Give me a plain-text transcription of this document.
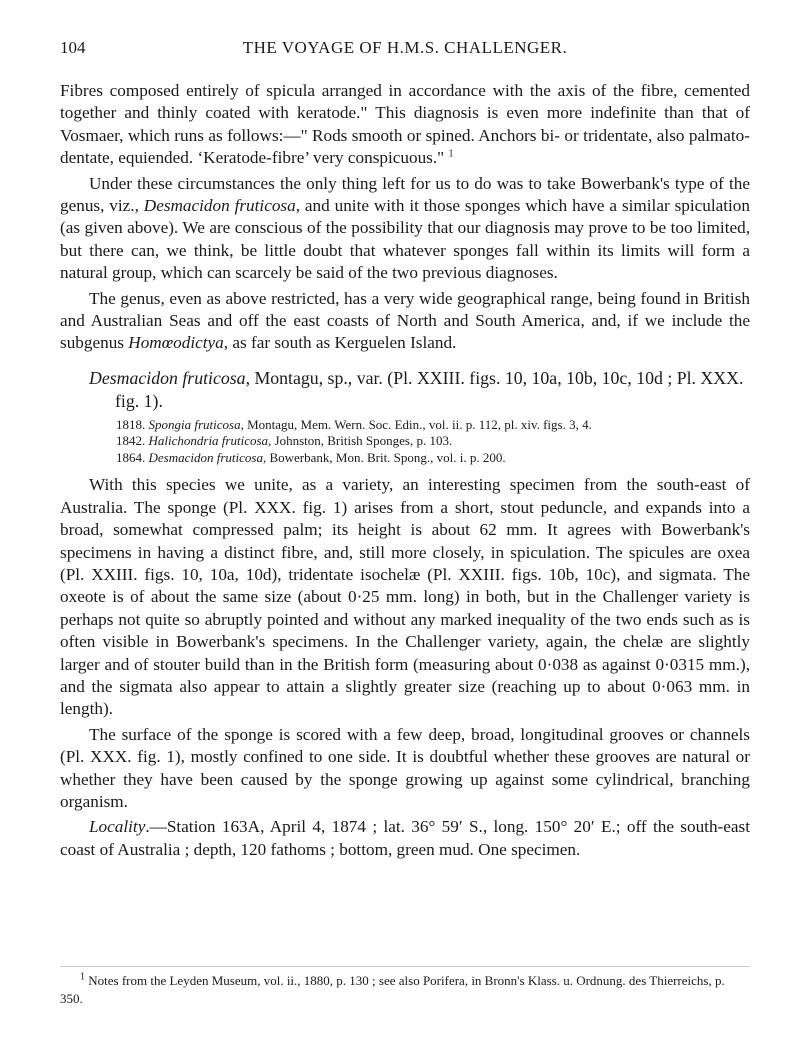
104	THE VOYAGE OF H.M.S. CHALLENGER.

Fibres composed entirely of spicula arranged in accordance with the axis of the fibre, cemented together and thinly coated with keratode." This diagnosis is even more indefinite than that of Vosmaer, which runs as follows:—" Rods smooth or spined. Anchors bi- or tridentate, also palmato-dentate, equiended. ‘Keratode-fibre’ very conspicuous." $^1$

Under these circumstances the only thing left for us to do was to take Bowerbank's type of the genus, viz., Desmacidon fruticosa, and unite with it those sponges which have a similar spiculation (as given above). We are conscious of the possibility that our diagnosis may prove to be too limited, but there can, we think, be little doubt that whatever sponges fall within its limits will form a natural group, which can scarcely be said of the two previous diagnoses.

The genus, even as above restricted, has a very wide geographical range, being found in British and Australian Seas and off the east coasts of North and South America, and, if we include the subgenus Homœodictya, as far south as Kerguelen Island.

Desmacidon fruticosa, Montagu, sp., var. (Pl. XXIII. figs. 10, 10a, 10b, 10c, 10d ; Pl. XXX. fig. 1).

1818. Spongia fruticosa, Montagu, Mem. Wern. Soc. Edin., vol. ii. p. 112, pl. xiv. figs. 3, 4.
1842. Halichondria fruticosa, Johnston, British Sponges, p. 103.
1864. Desmacidon fruticosa, Bowerbank, Mon. Brit. Spong., vol. i. p. 200.

With this species we unite, as a variety, an interesting specimen from the south-east of Australia. The sponge (Pl. XXX. fig. 1) arises from a short, stout peduncle, and expands into a broad, somewhat compressed palm; its height is about 62 mm. It agrees with Bowerbank's specimens in having a distinct fibre, and, still more closely, in spiculation. The spicules are oxea (Pl. XXIII. figs. 10, 10a, 10d), tridentate isochelæ (Pl. XXIII. figs. 10b, 10c), and sigmata. The oxeote is of about the same size (about 0·25 mm. long) in both, but in the Challenger variety is perhaps not quite so abruptly pointed and without any marked inequality of the two ends such as is often visible in Bowerbank's specimens. In the Challenger variety, again, the chelæ are slightly larger and of stouter build than in the British form (measuring about 0·038 as against 0·0315 mm.), and the sigmata also appear to attain a slightly greater size (reaching up to about 0·063 mm. in length).

The surface of the sponge is scored with a few deep, broad, longitudinal grooves or channels (Pl. XXX. fig. 1), mostly confined to one side. It is doubtful whether these grooves are natural or whether they have been caused by the sponge growing up against some cylindrical, branching organism.

Locality.—Station 163A, April 4, 1874 ; lat. 36° 59′ S., long. 150° 20′ E.; off the south-east coast of Australia ; depth, 120 fathoms ; bottom, green mud. One specimen.

$^1$ Notes from the Leyden Museum, vol. ii., 1880, p. 130 ; see also Porifera, in Bronn's Klass. u. Ordnung. des Thierreichs, p. 350.
